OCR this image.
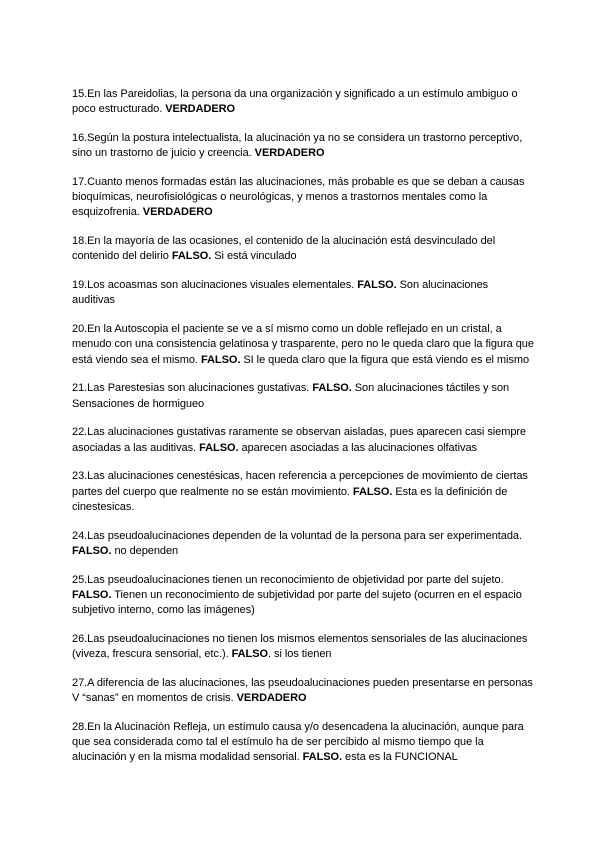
15.En las Pareidolias, la persona da una organización y significado a un estímulo ambiguo o poco estructurado. VERDADERO

16.Según la postura intelectualista, la alucinación ya no se considera un trastorno perceptivo, sino un trastorno de juicio y creencia. VERDADERO

17.Cuanto menos formadas están las alucinaciones, más probable es que se deban a causas bioquímicas, neurofisiológicas o neurológicas, y menos a trastornos mentales como la esquizofrenia. VERDADERO

18.En la mayoría de las ocasiones, el contenido de la alucinación está desvinculado del contenido del delirio FALSO. Si está vinculado

19.Los acoasmas son alucinaciones visuales elementales. FALSO. Son alucinaciones auditivas

20.En la Autoscopia el paciente se ve a sí mismo como un doble reflejado en un cristal, a menudo con una consistencia gelatinosa y trasparente, pero no le queda claro que la figura que está viendo sea el mismo. FALSO. SI le queda claro que la figura que está viendo es el mismo

21.Las Parestesias son alucinaciones gustativas. FALSO. Son alucinaciones táctiles y son Sensaciones de hormigueo

22.Las alucinaciones gustativas raramente se observan aisladas, pues aparecen casi siempre asociadas a las auditivas. FALSO. aparecen asociadas a las alucinaciones olfativas

23.Las alucinaciones cenestésicas, hacen referencia a percepciones de movimiento de ciertas partes del cuerpo que realmente no se están movimiento. FALSO. Esta es la definición de cinestesicas.

24.Las pseudoalucinaciones dependen de la voluntad de la persona para ser experimentada. FALSO. no dependen

25.Las pseudoalucinaciones tienen un reconocimiento de objetividad por parte del sujeto. FALSO. Tienen un reconocimiento de subjetividad por parte del sujeto (ocurren en el espacio subjetivo interno, como las imágenes)

26.Las pseudoalucinaciones no tienen los mismos elementos sensoriales de las alucinaciones (viveza, frescura sensorial, etc.). FALSO. si los tienen

27.A diferencia de las alucinaciones, las pseudoalucinaciones pueden presentarse en personas V “sanas” en momentos de crisis. VERDADERO

28.En la Alucinación Refleja, un estímulo causa y/o desencadena la alucinación, aunque para que sea considerada como tal el estímulo ha de ser percibido al mismo tiempo que la alucinación y en la misma modalidad sensorial. FALSO. esta es la FUNCIONAL
